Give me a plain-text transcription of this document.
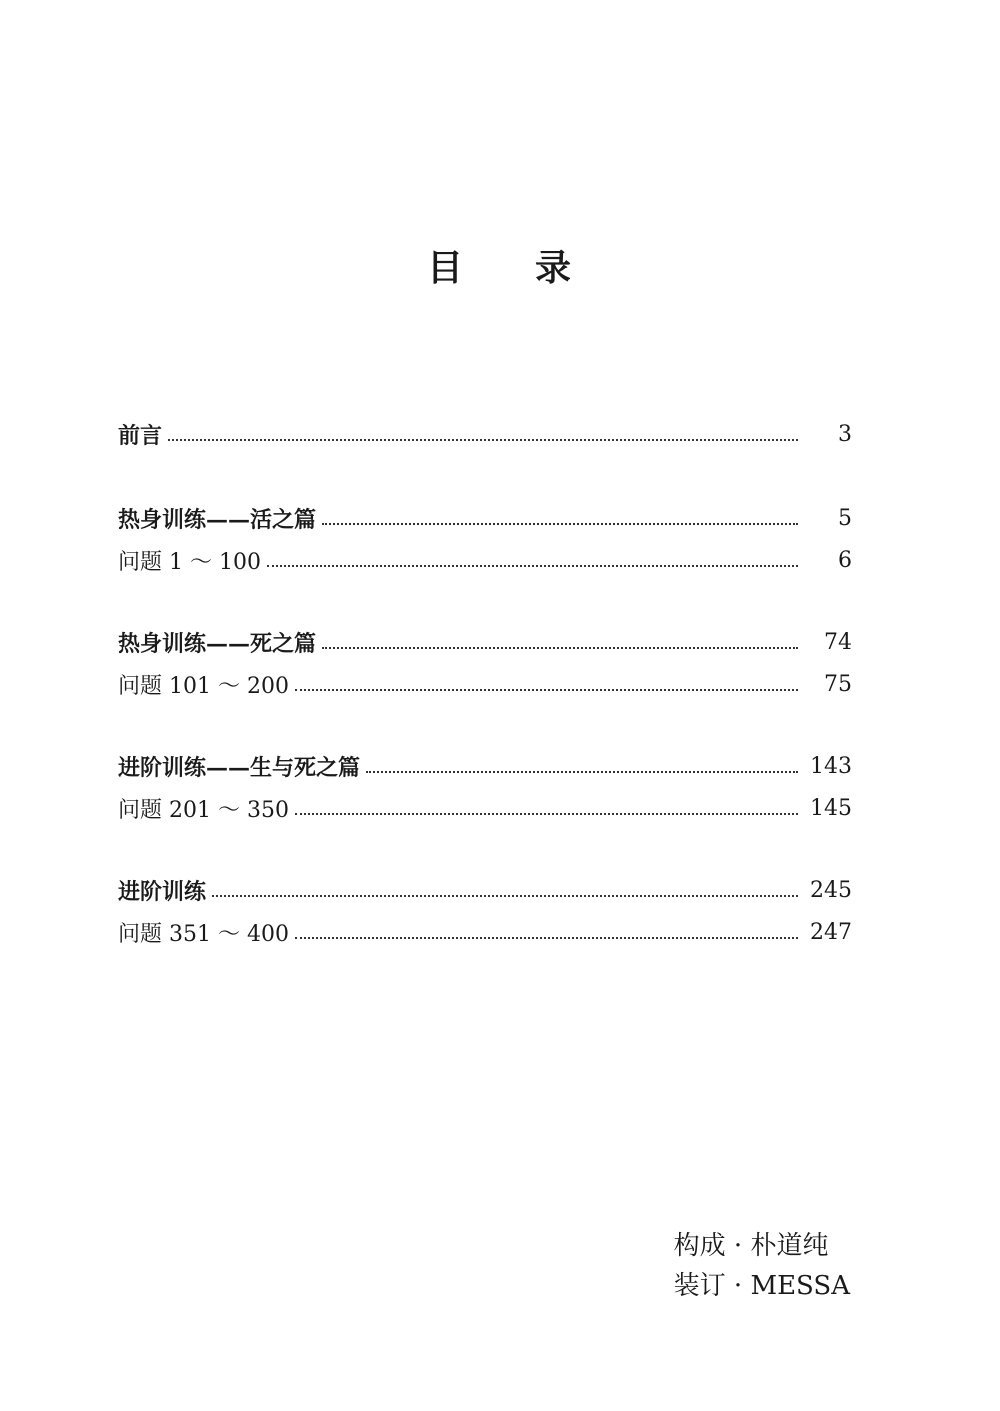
目 录
前言	3
热身训练——活之篇	5
问题 1 ～ 100	6
热身训练——死之篇	74
问题 101 ～ 200	75
进阶训练——生与死之篇	143
问题 201 ～ 350	145
进阶训练	245
问题 351 ～ 400	247
构成 · 朴道纯
装订 · MESSA
